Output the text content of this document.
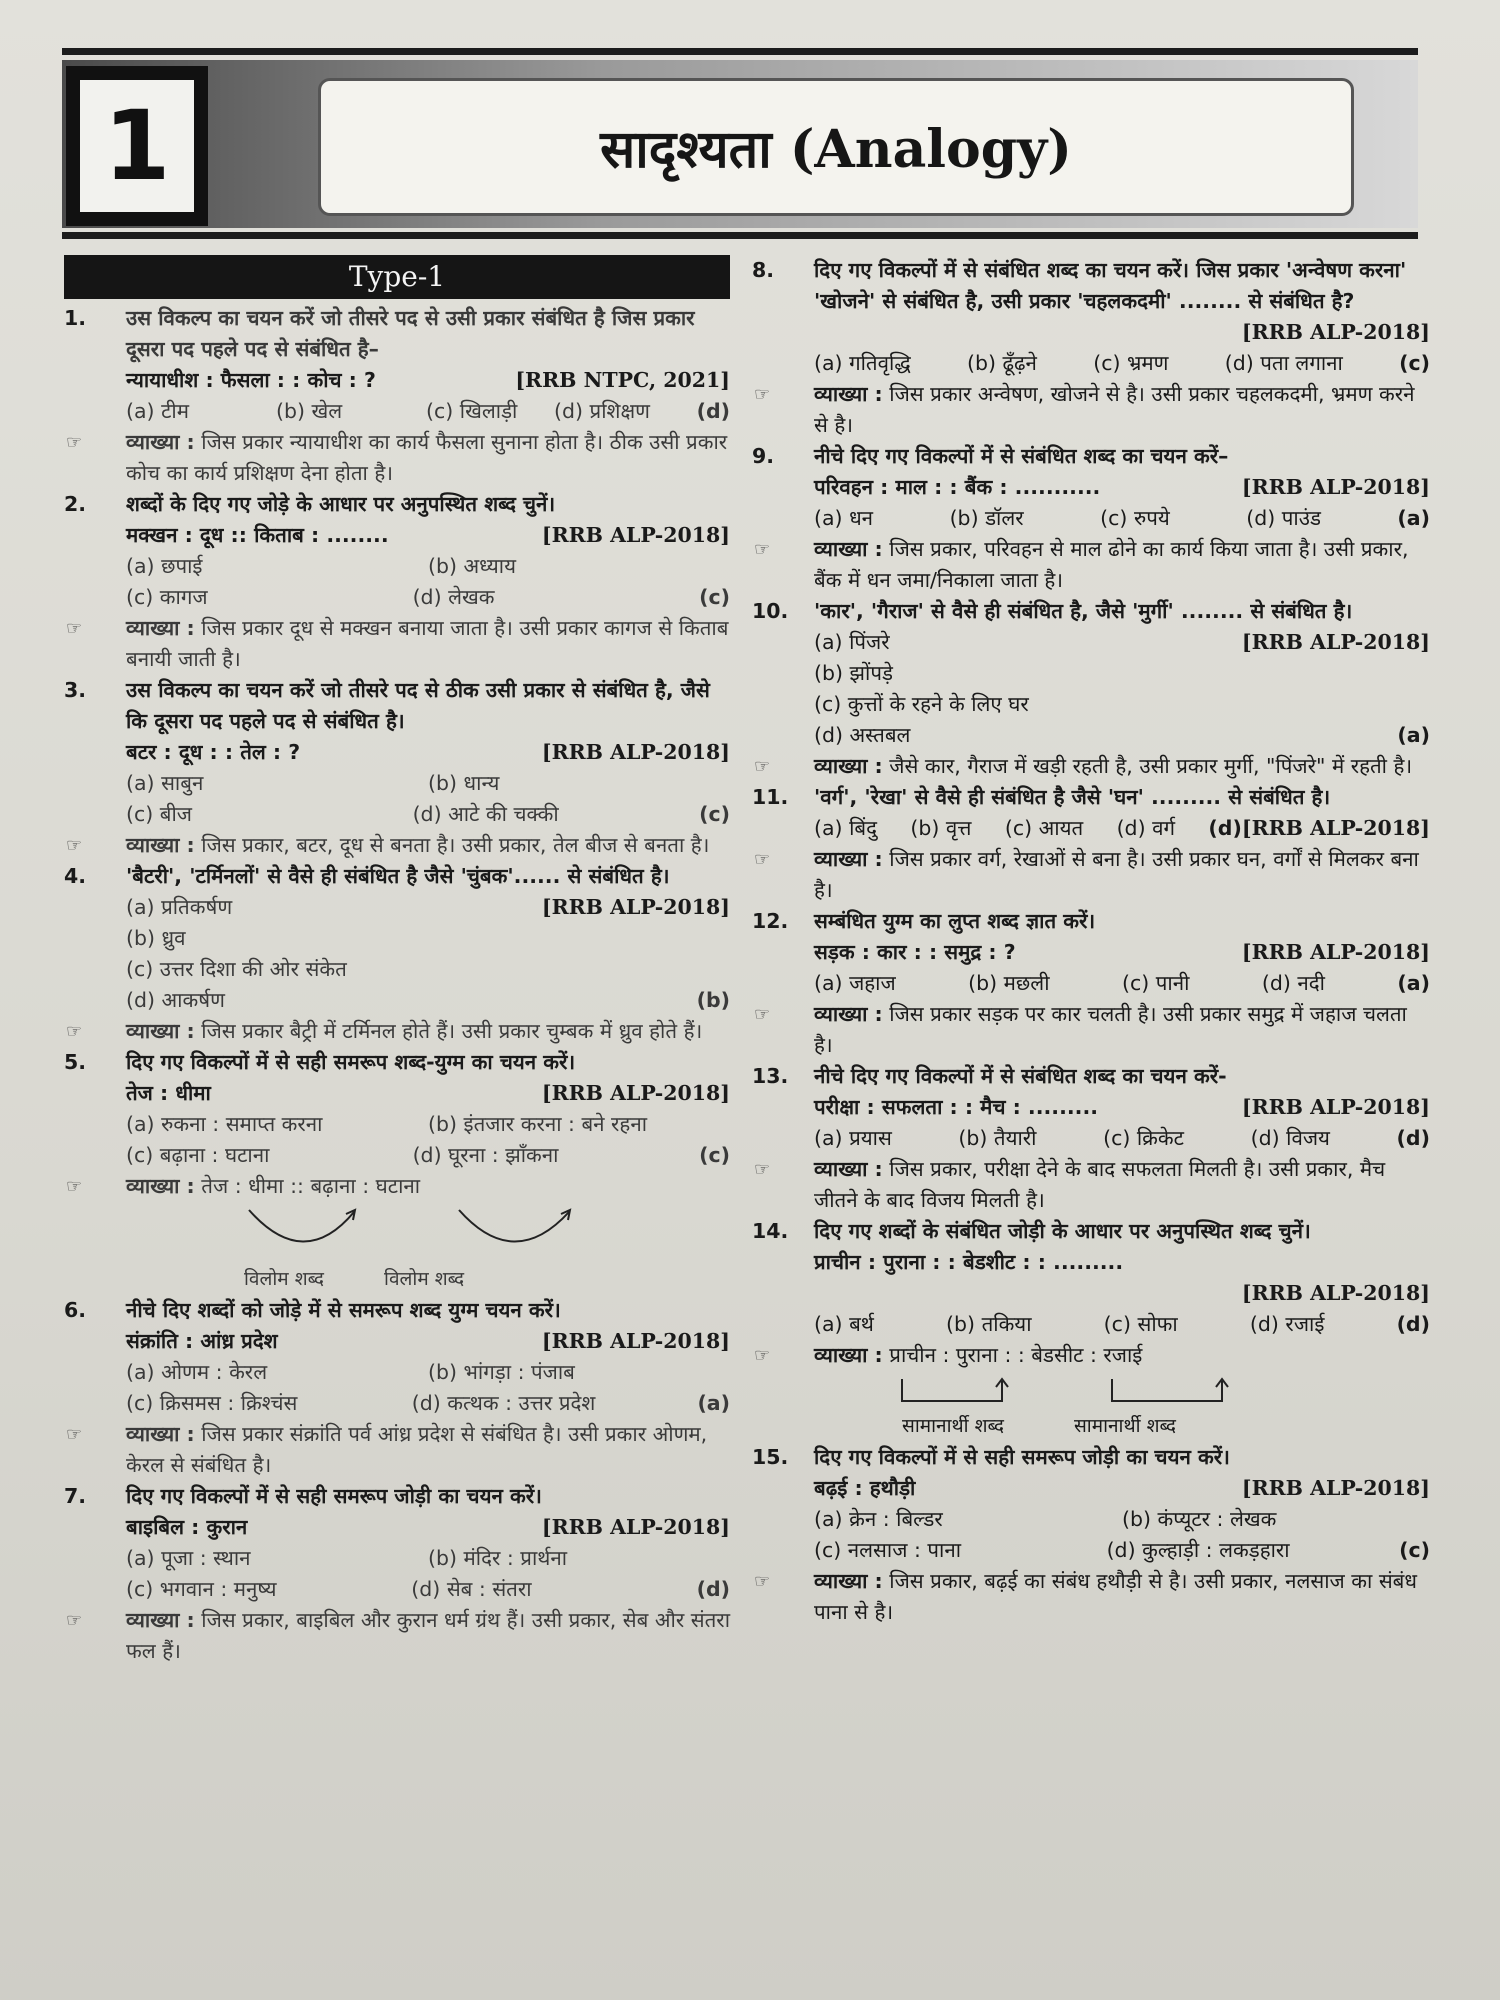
1	सादृश्यता (Analogy)
Type-1
1.	उस विकल्प का चयन करें जो तीसरे पद से उसी प्रकार संबंधित है जिस प्रकार दूसरा पद पहले पद से संबंधित है–
न्यायाधीश : फैसला : : कोच : ?	[RRB NTPC, 2021]
(a) टीम	(b) खेल	(c) खिलाड़ी	(d) प्रशिक्षण	(d)
☞ व्याख्या : जिस प्रकार न्यायाधीश का कार्य फैसला सुनाना होता है। ठीक उसी प्रकार कोच का कार्य प्रशिक्षण देना होता है।
2.	शब्दों के दिए गए जोड़े के आधार पर अनुपस्थित शब्द चुनें।
मक्खन : दूध :: किताब : ........	[RRB ALP-2018]
(a) छपाई	(b) अध्याय
(c) कागज	(d) लेखक	(c)
☞ व्याख्या : जिस प्रकार दूध से मक्खन बनाया जाता है। उसी प्रकार कागज से किताब बनायी जाती है।
3.	उस विकल्प का चयन करें जो तीसरे पद से ठीक उसी प्रकार से संबंधित है, जैसे कि दूसरा पद पहले पद से संबंधित है।
बटर : दूध : : तेल : ?	[RRB ALP-2018]
(a) साबुन	(b) धान्य
(c) बीज	(d) आटे की चक्की	(c)
☞ व्याख्या : जिस प्रकार, बटर, दूध से बनता है। उसी प्रकार, तेल बीज से बनता है।
4.	'बैटरी', 'टर्मिनलों' से वैसे ही संबंधित है जैसे 'चुंबक'...... से संबंधित है।
[RRB ALP-2018]
(a) प्रतिकर्षण
(b) ध्रुव
(c) उत्तर दिशा की ओर संकेत
(d) आकर्षण	(b)
☞ व्याख्या : जिस प्रकार बैट्री में टर्मिनल होते हैं। उसी प्रकार चुम्बक में ध्रुव होते हैं।
5.	दिए गए विकल्पों में से सही समरूप शब्द-युग्म का चयन करें।
तेज : धीमा	[RRB ALP-2018]
(a) रुकना : समाप्त करना	(b) इंतजार करना : बने रहना
(c) बढ़ाना : घटाना	(d) घूरना : झाँकना	(c)
☞ व्याख्या : तेज : धीमा :: बढ़ाना : घटाना
विलोम शब्द	विलोम शब्द
6.	नीचे दिए शब्दों को जोड़े में से समरूप शब्द युग्म चयन करें।
संक्रांति : आंध्र प्रदेश	[RRB ALP-2018]
(a) ओणम : केरल	(b) भांगड़ा : पंजाब
(c) क्रिसमस : क्रिश्चंस	(d) कत्थक : उत्तर प्रदेश	(a)
☞ व्याख्या : जिस प्रकार संक्रांति पर्व आंध्र प्रदेश से संबंधित है। उसी प्रकार ओणम, केरल से संबंधित है।
7.	दिए गए विकल्पों में से सही समरूप जोड़ी का चयन करें।
बाइबिल : कुरान	[RRB ALP-2018]
(a) पूजा : स्थान	(b) मंदिर : प्रार्थना
(c) भगवान : मनुष्य	(d) सेब : संतरा	(d)
☞ व्याख्या : जिस प्रकार, बाइबिल और कुरान धर्म ग्रंथ हैं। उसी प्रकार, सेब और संतरा फल हैं।
8.	दिए गए विकल्पों में से संबंधित शब्द का चयन करें। जिस प्रकार 'अन्वेषण करना' 'खोजने' से संबंधित है, उसी प्रकार 'चहलकदमी' ........ से संबंधित है?
[RRB ALP-2018]
(a) गतिवृद्धि	(b) ढूँढ़ने	(c) भ्रमण	(d) पता लगाना	(c)
☞ व्याख्या : जिस प्रकार अन्वेषण, खोजने से है। उसी प्रकार चहलकदमी, भ्रमण करने से है।
9.	नीचे दिए गए विकल्पों में से संबंधित शब्द का चयन करें–
परिवहन : माल : : बैंक : ...........	[RRB ALP-2018]
(a) धन	(b) डॉलर	(c) रुपये	(d) पाउंड	(a)
☞ व्याख्या : जिस प्रकार, परिवहन से माल ढोने का कार्य किया जाता है। उसी प्रकार, बैंक में धन जमा/निकाला जाता है।
10.	'कार', 'गैराज' से वैसे ही संबंधित है, जैसे 'मुर्गी' ........ से संबंधित है।
[RRB ALP-2018]
(a) पिंजरे
(b) झोंपड़े
(c) कुत्तों के रहने के लिए घर
(d) अस्तबल	(a)
☞ व्याख्या : जैसे कार, गैराज में खड़ी रहती है, उसी प्रकार मुर्गी, "पिंजरे" में रहती है।
11.	'वर्ग', 'रेखा' से वैसे ही संबंधित है जैसे 'घन' ......... से संबंधित है।
[RRB ALP-2018]
(a) बिंदु (b) वृत्त (c) आयत (d) वर्ग (d)
☞ व्याख्या : जिस प्रकार वर्ग, रेखाओं से बना है। उसी प्रकार घन, वर्गों से मिलकर बना है।
12.	सम्बंधित युग्म का लुप्त शब्द ज्ञात करें।
सड़क : कार : : समुद्र : ?	[RRB ALP-2018]
(a) जहाज	(b) मछली	(c) पानी	(d) नदी	(a)
☞ व्याख्या : जिस प्रकार सड़क पर कार चलती है। उसी प्रकार समुद्र में जहाज चलता है।
13.	नीचे दिए गए विकल्पों में से संबंधित शब्द का चयन करें-
परीक्षा : सफलता : : मैच : .........	[RRB ALP-2018]
(a) प्रयास	(b) तैयारी	(c) क्रिकेट	(d) विजय	(d)
☞ व्याख्या : जिस प्रकार, परीक्षा देने के बाद सफलता मिलती है। उसी प्रकार, मैच जीतने के बाद विजय मिलती है।
14.	दिए गए शब्दों के संबंधित जोड़ी के आधार पर अनुपस्थित शब्द चुनें।
प्राचीन : पुराना : : बेडशीट : : .........
[RRB ALP-2018]
(a) बर्थ	(b) तकिया	(c) सोफा	(d) रजाई	(d)
☞ व्याख्या : प्राचीन : पुराना : : बेडसीट : रजाई
सामानार्थी शब्द	सामानार्थी शब्द
15.	दिए गए विकल्पों में से सही समरूप जोड़ी का चयन करें।
बढ़ई : हथौड़ी	[RRB ALP-2018]
(a) क्रेन : बिल्डर	(b) कंप्यूटर : लेखक
(c) नलसाज : पाना	(d) कुल्हाड़ी : लकड़हारा	(c)
☞ व्याख्या : जिस प्रकार, बढ़ई का संबंध हथौड़ी से है। उसी प्रकार, नलसाज का संबंध पाना से है।
